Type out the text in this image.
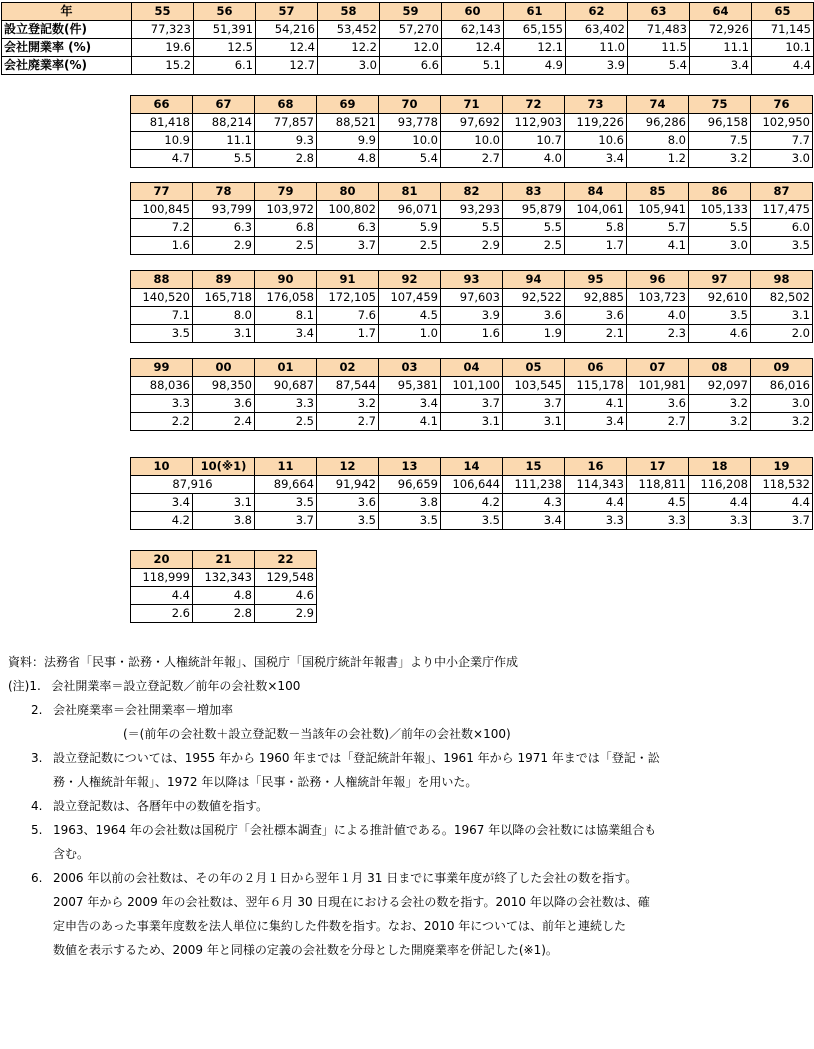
年	55	56	57	58	59	60	61	62	63	64	65
設立登記数(件)	77,323	51,391	54,216	53,452	57,270	62,143	65,155	63,402	71,483	72,926	71,145
会社開業率 (%)	19.6	12.5	12.4	12.2	12.0	12.4	12.1	11.0	11.5	11.1	10.1
会社廃業率(%)	15.2	6.1	12.7	3.0	6.6	5.1	4.9	3.9	5.4	3.4	4.4
66	67	68	69	70	71	72	73	74	75	76
81,418	88,214	77,857	88,521	93,778	97,692	112,903	119,226	96,286	96,158	102,950
10.9	11.1	9.3	9.9	10.0	10.0	10.7	10.6	8.0	7.5	7.7
4.7	5.5	2.8	4.8	5.4	2.7	4.0	3.4	1.2	3.2	3.0
77	78	79	80	81	82	83	84	85	86	87
100,845	93,799	103,972	100,802	96,071	93,293	95,879	104,061	105,941	105,133	117,475
7.2	6.3	6.8	6.3	5.9	5.5	5.5	5.8	5.7	5.5	6.0
1.6	2.9	2.5	3.7	2.5	2.9	2.5	1.7	4.1	3.0	3.5
88	89	90	91	92	93	94	95	96	97	98
140,520	165,718	176,058	172,105	107,459	97,603	92,522	92,885	103,723	92,610	82,502
7.1	8.0	8.1	7.6	4.5	3.9	3.6	3.6	4.0	3.5	3.1
3.5	3.1	3.4	1.7	1.0	1.6	1.9	2.1	2.3	4.6	2.0
99	00	01	02	03	04	05	06	07	08	09
88,036	98,350	90,687	87,544	95,381	101,100	103,545	115,178	101,981	92,097	86,016
3.3	3.6	3.3	3.2	3.4	3.7	3.7	4.1	3.6	3.2	3.0
2.2	2.4	2.5	2.7	4.1	3.1	3.1	3.4	2.7	3.2	3.2
10	10(※1)	11	12	13	14	15	16	17	18	19
87,916		89,664	91,942	96,659	106,644	111,238	114,343	118,811	116,208	118,532
3.4	3.1	3.5	3.6	3.8	4.2	4.3	4.4	4.5	4.4	4.4
4.2	3.8	3.7	3.5	3.5	3.5	3.4	3.3	3.3	3.3	3.7
20	21	22
118,999	132,343	129,548
4.4	4.8	4.6
2.6	2.8	2.9
資料：法務省「民事・訟務・人権統計年報」、国税庁「国税庁統計年報書」より中小企業庁作成
(注)1. 会社開業率＝設立登記数／前年の会社数×100
2. 会社廃業率＝会社開業率－増加率
(＝(前年の会社数＋設立登記数－当該年の会社数)／前年の会社数×100)
3. 設立登記数については、1955 年から 1960 年までは「登記統計年報」、1961 年から 1971 年までは「登記・訟
務・人権統計年報」、1972 年以降は「民事・訟務・人権統計年報」を用いた。
4. 設立登記数は、各暦年中の数値を指す。
5. 1963、1964 年の会社数は国税庁「会社標本調査」による推計値である。1967 年以降の会社数には協業組合も
含む。
6. 2006 年以前の会社数は、その年の２月１日から翌年１月 31 日までに事業年度が終了した会社の数を指す。
2007 年から 2009 年の会社数は、翌年６月 30 日現在における会社の数を指す。2010 年以降の会社数は、確
定申告のあった事業年度数を法人単位に集約した件数を指す。なお、2010 年については、前年と連続した
数値を表示するため、2009 年と同様の定義の会社数を分母とした開廃業率を併記した(※1)。
